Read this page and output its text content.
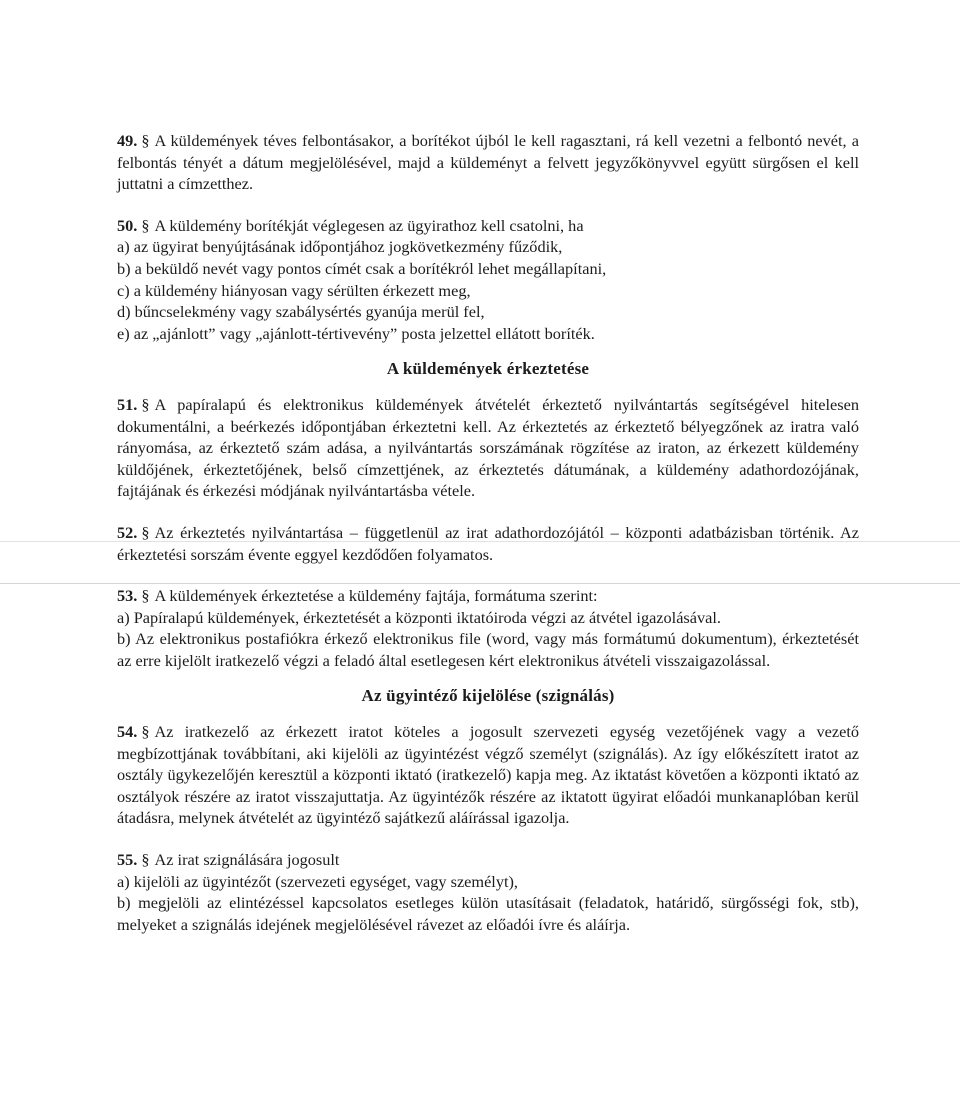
49. § A küldemények téves felbontásakor, a borítékot újból le kell ragasztani, rá kell vezetni a felbontó nevét, a felbontás tényét a dátum megjelölésével, majd a küldeményt a felvett jegyzőkönyvvel együtt sürgősen el kell juttatni a címzetthez.

50. § A küldemény borítékját véglegesen az ügyirathoz kell csatolni, ha
a) az ügyirat benyújtásának időpontjához jogkövetkezmény fűződik,
b) a beküldő nevét vagy pontos címét csak a borítékról lehet megállapítani,
c) a küldemény hiányosan vagy sérülten érkezett meg,
d) bűncselekmény vagy szabálysértés gyanúja merül fel,
e) az „ajánlott” vagy „ajánlott-tértivevény” posta jelzettel ellátott boríték.

A küldemények érkeztetése

51. § A papíralapú és elektronikus küldemények átvételét érkeztető nyilvántartás segítségével hitelesen dokumentálni, a beérkezés időpontjában érkeztetni kell. Az érkeztetés az érkeztető bélyegzőnek az iratra való rányomása, az érkeztető szám adása, a nyilvántartás sorszámának rögzítése az iraton, az érkezett küldemény küldőjének, érkeztetőjének, belső címzettjének, az érkeztetés dátumának, a küldemény adathordozójának, fajtájának és érkezési módjának nyilvántartásba vétele.

52. § Az érkeztetés nyilvántartása – függetlenül az irat adathordozójától – központi adatbázisban történik. Az érkeztetési sorszám évente eggyel kezdődően folyamatos.

53. § A küldemények érkeztetése a küldemény fajtája, formátuma szerint:
a) Papíralapú küldemények, érkeztetését a központi iktatóiroda végzi az átvétel igazolásával.
b) Az elektronikus postafiókra érkező elektronikus file (word, vagy más formátumú dokumentum), érkeztetését az erre kijelölt iratkezelő végzi a feladó által esetlegesen kért elektronikus átvételi visszaigazolással.

Az ügyintéző kijelölése (szignálás)

54. § Az iratkezelő az érkezett iratot köteles a jogosult szervezeti egység vezetőjének vagy a vezető megbízottjának továbbítani, aki kijelöli az ügyintézést végző személyt (szignálás). Az így előkészített iratot az osztály ügykezelőjén keresztül a központi iktató (iratkezelő) kapja meg. Az iktatást követően a központi iktató az osztályok részére az iratot visszajuttatja. Az ügyintézők részére az iktatott ügyirat előadói munkanaplóban kerül átadásra, melynek átvételét az ügyintéző sajátkezű aláírással igazolja.

55. § Az irat szignálására jogosult
a) kijelöli az ügyintézőt (szervezeti egységet, vagy személyt),
b) megjelöli az elintézéssel kapcsolatos esetleges külön utasításait (feladatok, határidő, sürgősségi fok, stb), melyeket a szignálás idejének megjelölésével rávezet az előadói ívre és aláírja.
